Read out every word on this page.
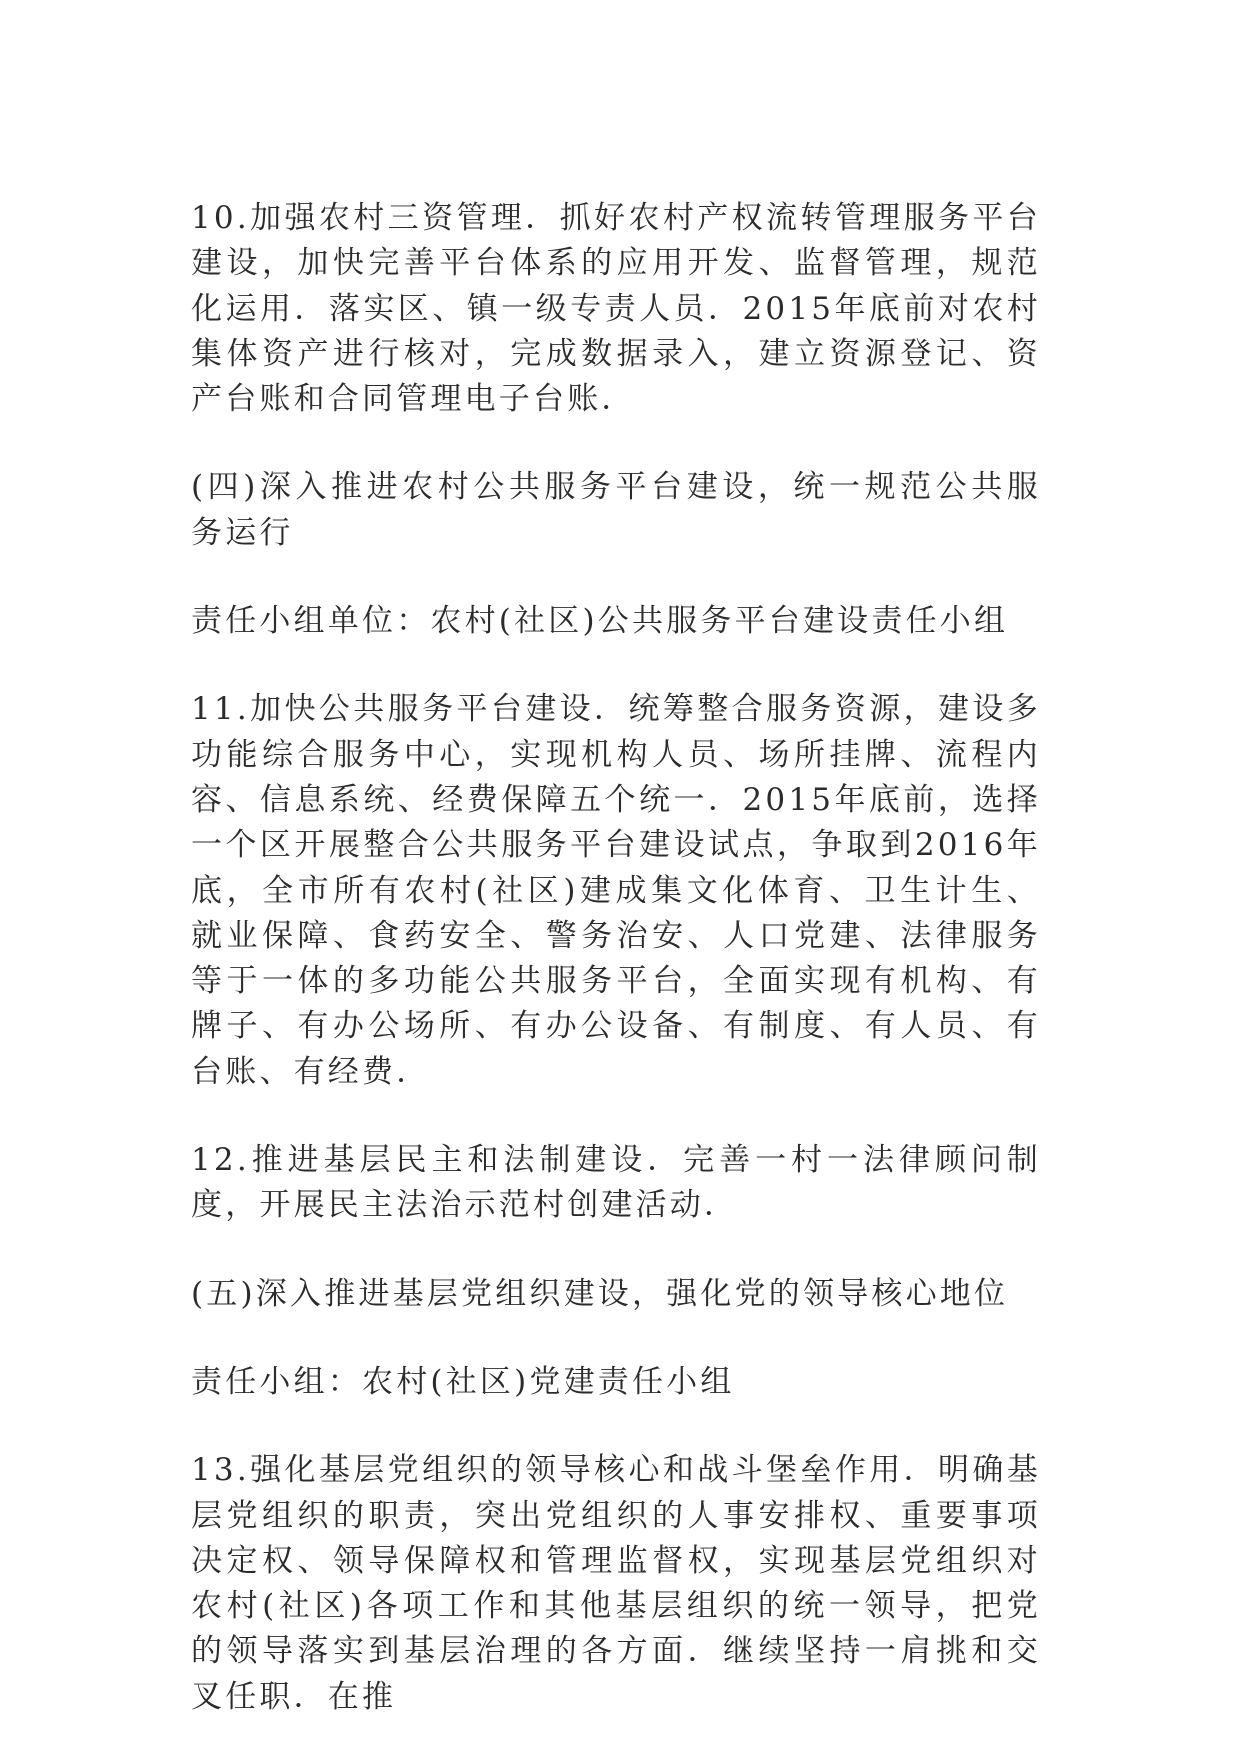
10.加强农村三资管理．抓好农村产权流转管理服务平台建设，加快完善平台体系的应用开发、监督管理，规范化运用．落实区、镇一级专责人员．2015年底前对农村集体资产进行核对，完成数据录入，建立资源登记、资产台账和合同管理电子台账．

(四)深入推进农村公共服务平台建设，统一规范公共服务运行

责任小组单位：农村(社区)公共服务平台建设责任小组

11.加快公共服务平台建设．统筹整合服务资源，建设多功能综合服务中心，实现机构人员、场所挂牌、流程内容、信息系统、经费保障五个统一．2015年底前，选择一个区开展整合公共服务平台建设试点，争取到2016年底，全市所有农村(社区)建成集文化体育、卫生计生、就业保障、食药安全、警务治安、人口党建、法律服务等于一体的多功能公共服务平台，全面实现有机构、有牌子、有办公场所、有办公设备、有制度、有人员、有台账、有经费．

12.推进基层民主和法制建设．完善一村一法律顾问制度，开展民主法治示范村创建活动．

(五)深入推进基层党组织建设，强化党的领导核心地位

责任小组：农村(社区)党建责任小组

13.强化基层党组织的领导核心和战斗堡垒作用．明确基层党组织的职责，突出党组织的人事安排权、重要事项决定权、领导保障权和管理监督权，实现基层党组织对农村(社区)各项工作和其他基层组织的统一领导，把党的领导落实到基层治理的各方面．继续坚持一肩挑和交叉任职．在推
